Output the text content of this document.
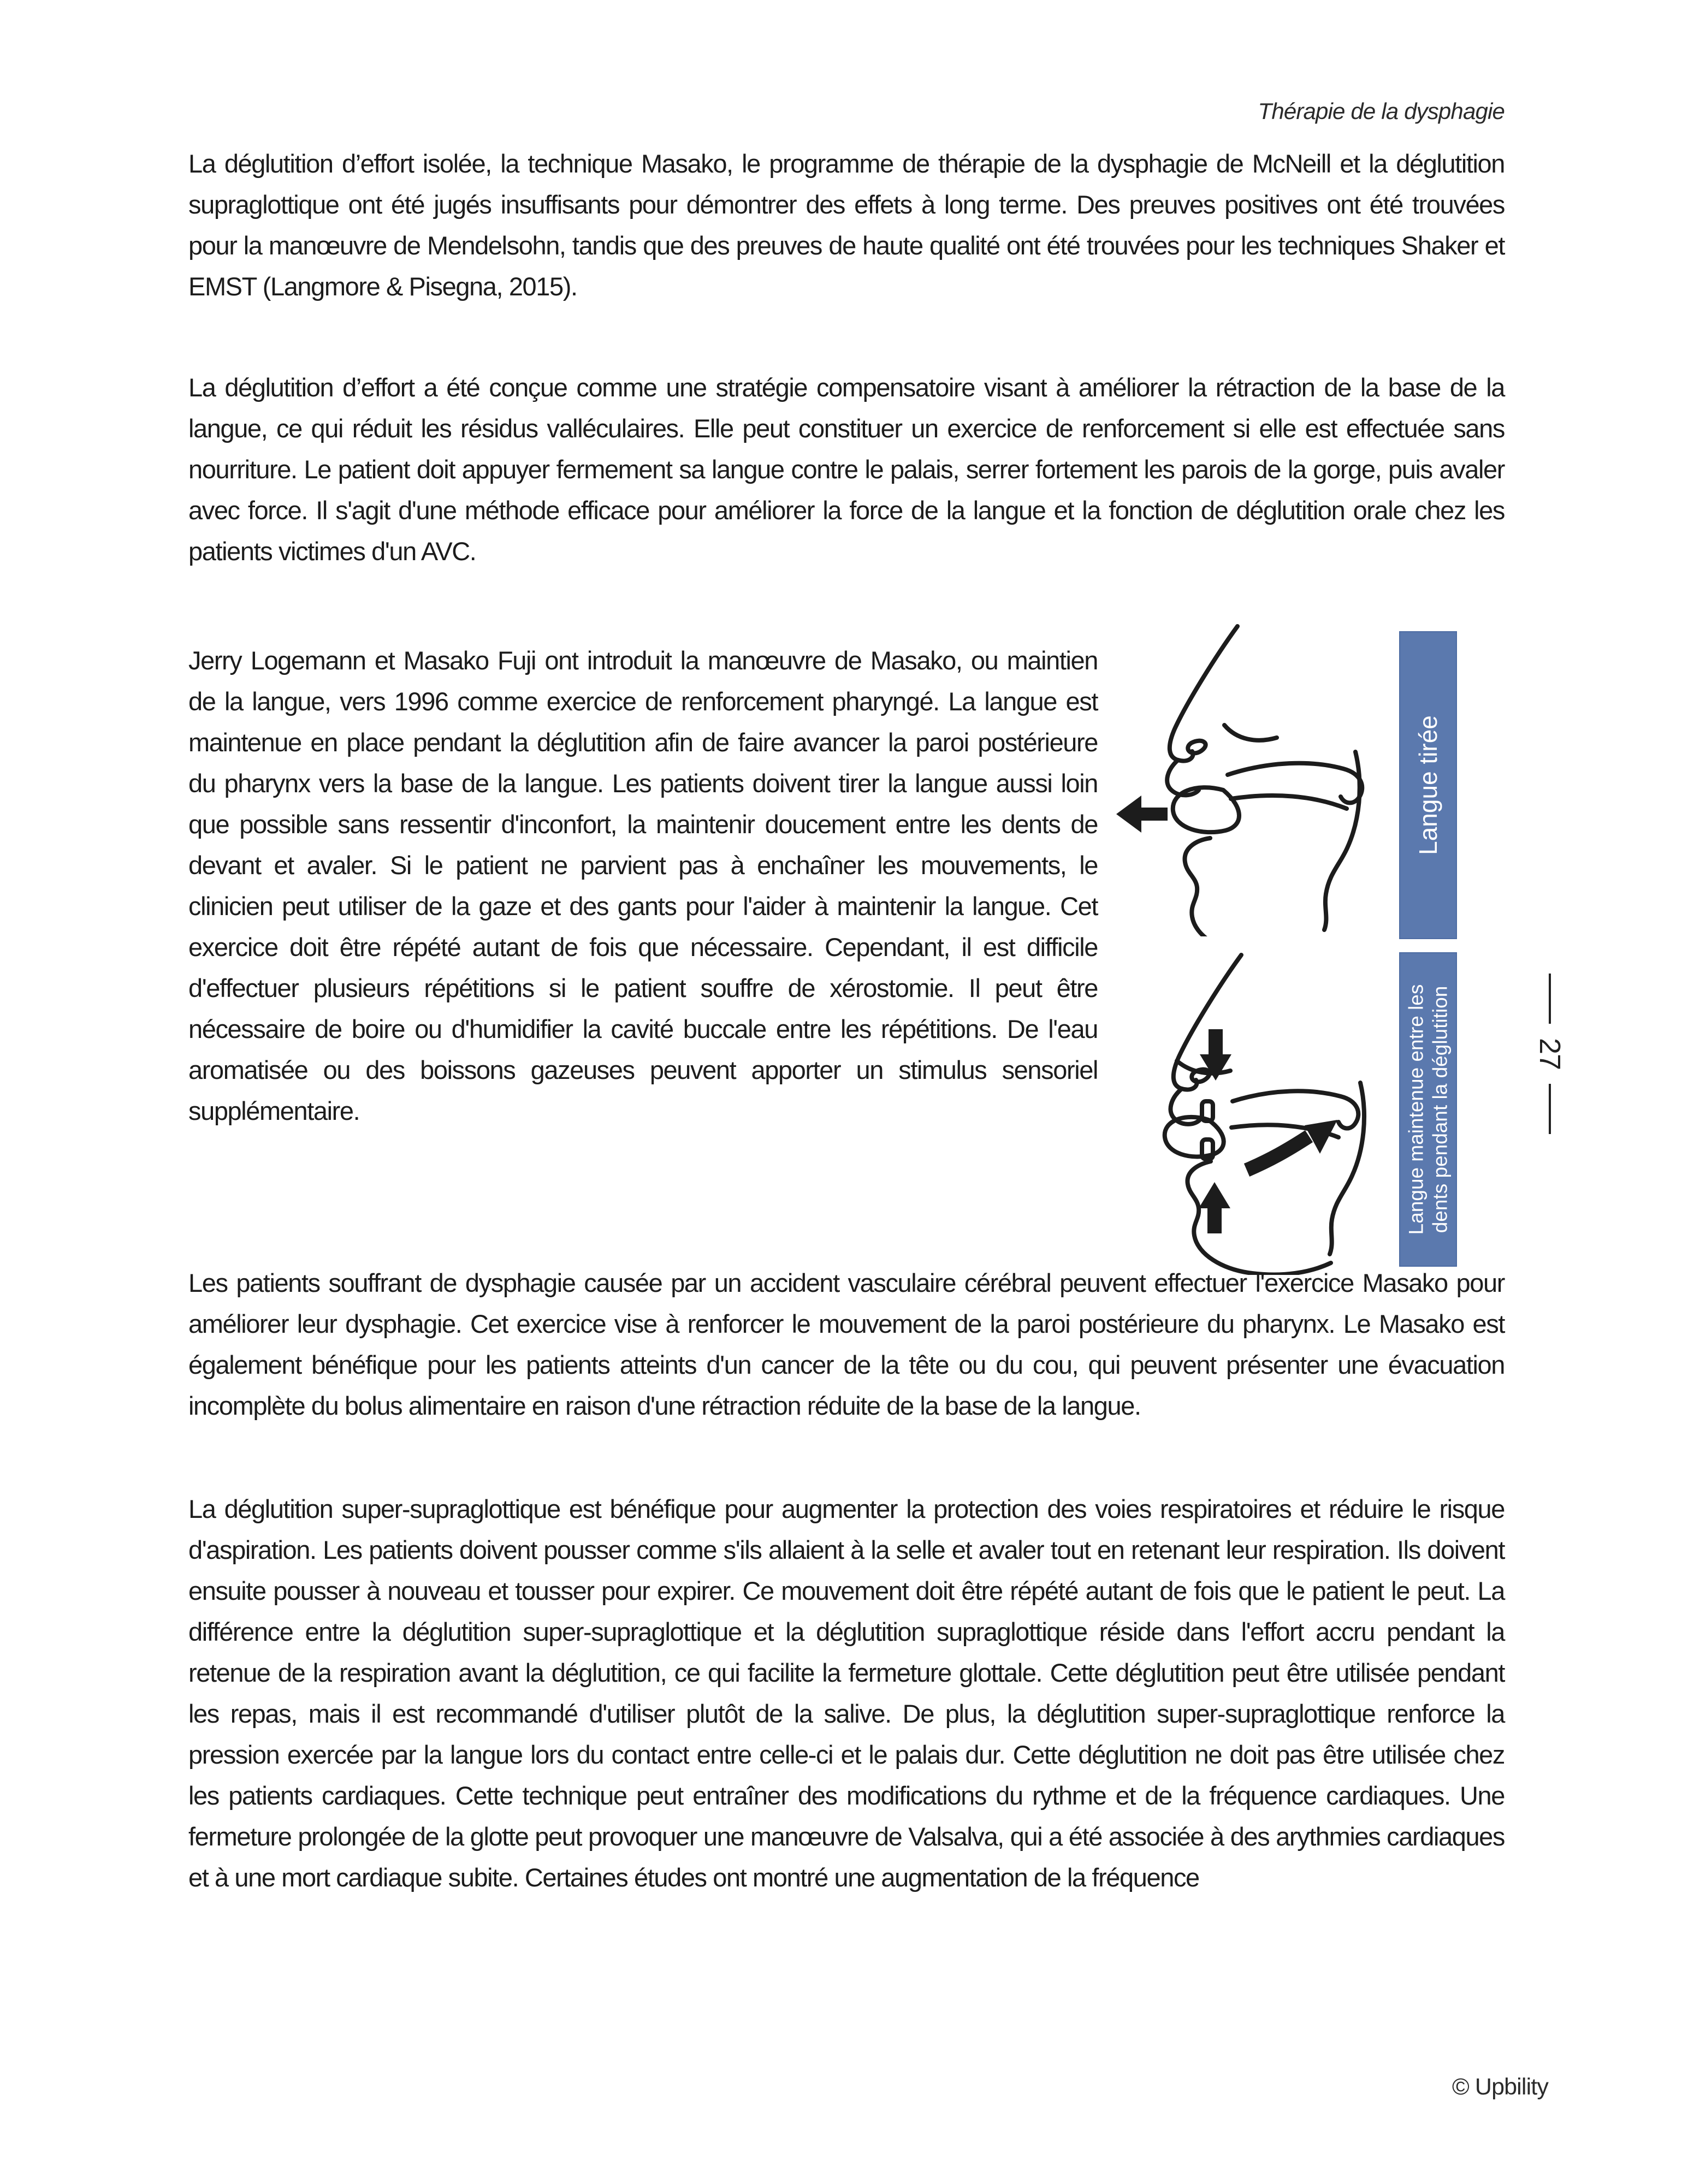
Thérapie de la dysphagie

La déglutition d’effort isolée, la technique Masako, le programme de thérapie de la dysphagie de McNeill et la déglutition supraglottique ont été jugés insuffisants pour démontrer des effets à long terme. Des preuves positives ont été trouvées pour la manœuvre de Mendelsohn, tandis que des preuves de haute qualité ont été trouvées pour les techniques Shaker et EMST (Langmore & Pisegna, 2015).

La déglutition d’effort a été conçue comme une stratégie compensatoire visant à améliorer la rétraction de la base de la langue, ce qui réduit les résidus valléculaires. Elle peut constituer un exercice de renforcement si elle est effectuée sans nourriture. Le patient doit appuyer fermement sa langue contre le palais, serrer fortement les parois de la gorge, puis avaler avec force. Il s'agit d'une méthode efficace pour améliorer la force de la langue et la fonction de déglutition orale chez les patients victimes d'un AVC.

Jerry Logemann et Masako Fuji ont introduit la manœuvre de Masako, ou maintien de la langue, vers 1996 comme exercice de renforcement pharyngé. La langue est maintenue en place pendant la déglutition afin de faire avancer la paroi postérieure du pharynx vers la base de la langue. Les patients doivent tirer la langue aussi loin que possible sans ressentir d'inconfort, la maintenir doucement entre les dents de devant et avaler. Si le patient ne parvient pas à enchaîner les mouvements, le clinicien peut utiliser de la gaze et des gants pour l'aider à maintenir la langue. Cet exercice doit être répété autant de fois que nécessaire. Cependant, il est difficile d'effectuer plusieurs répétitions si le patient souffre de xérostomie. Il peut être nécessaire de boire ou d'humidifier la cavité buccale entre les répétitions. De l'eau aromatisée ou des boissons gazeuses peuvent apporter un stimulus sensoriel supplémentaire.

Les patients souffrant de dysphagie causée par un accident vasculaire cérébral peuvent effectuer l'exercice Masako pour améliorer leur dysphagie. Cet exercice vise à renforcer le mouvement de la paroi postérieure du pharynx. Le Masako est également bénéfique pour les patients atteints d'un cancer de la tête ou du cou, qui peuvent présenter une évacuation incomplète du bolus alimentaire en raison d'une rétraction réduite de la base de la langue.

La déglutition super-supraglottique est bénéfique pour augmenter la protection des voies respiratoires et réduire le risque d'aspiration. Les patients doivent pousser comme s'ils allaient à la selle et avaler tout en retenant leur respiration. Ils doivent ensuite pousser à nouveau et tousser pour expirer. Ce mouvement doit être répété autant de fois que le patient le peut. La différence entre la déglutition super-supraglottique et la déglutition supraglottique réside dans l'effort accru pendant la retenue de la respiration avant la déglutition, ce qui facilite la fermeture glottale. Cette déglutition peut être utilisée pendant les repas, mais il est recommandé d'utiliser plutôt de la salive. De plus, la déglutition super-supraglottique renforce la pression exercée par la langue lors du contact entre celle-ci et le palais dur. Cette déglutition ne doit pas être utilisée chez les patients cardiaques. Cette technique peut entraîner des modifications du rythme et de la fréquence cardiaques. Une fermeture prolongée de la glotte peut provoquer une manœuvre de Valsalva, qui a été associée à des arythmies cardiaques et à une mort cardiaque subite. Certaines études ont montré une augmentation de la fréquence

Langue tirée
Langue maintenue entre les dents pendant la déglutition	27
© Upbility
